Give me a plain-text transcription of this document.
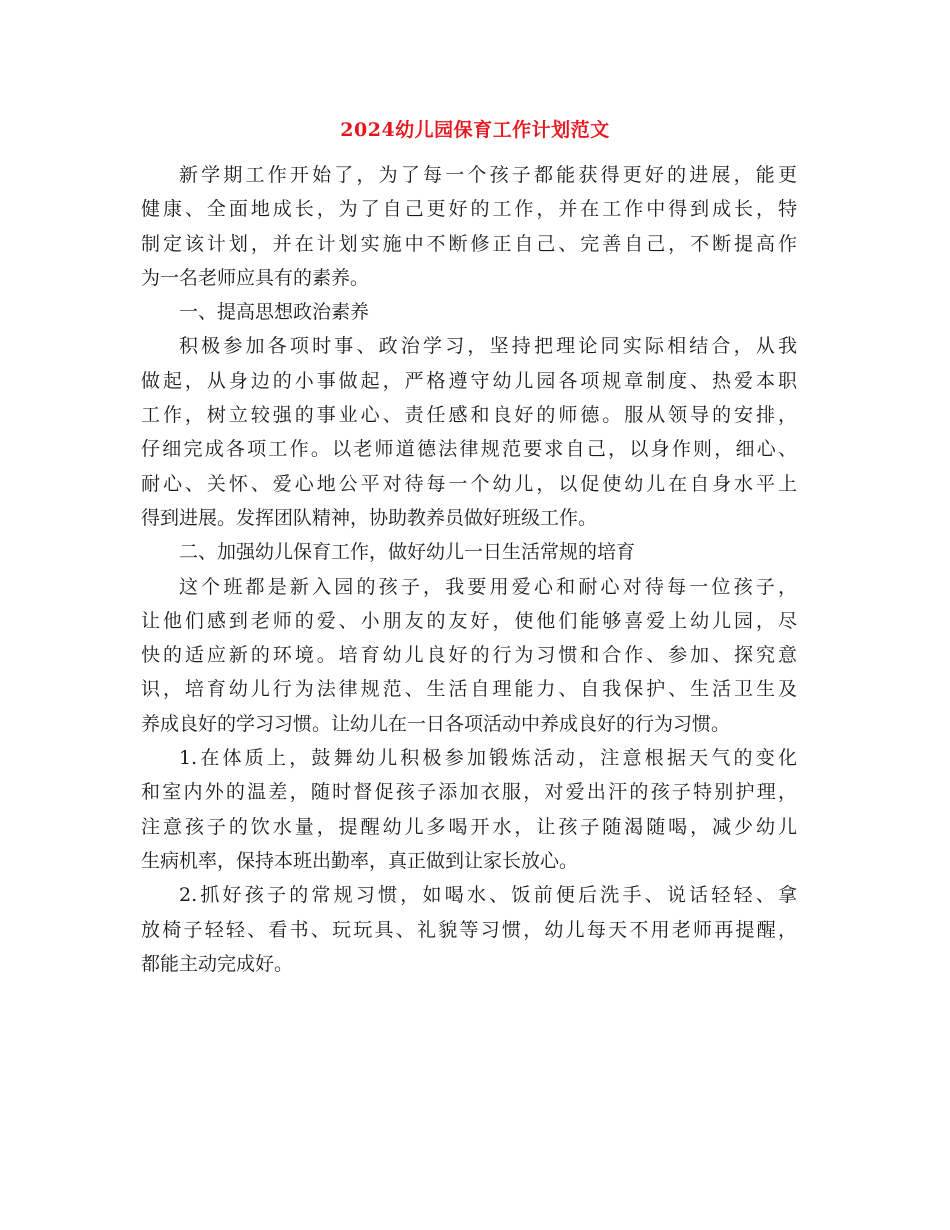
2024幼儿园保育工作计划范文

新学期工作开始了，为了每一个孩子都能获得更好的进展，能更
健康、全面地成长，为了自己更好的工作，并在工作中得到成长，特
制定该计划，并在计划实施中不断修正自己、完善自己，不断提高作
为一名老师应具有的素养。

一、提高思想政治素养

积极参加各项时事、政治学习，坚持把理论同实际相结合，从我
做起，从身边的小事做起，严格遵守幼儿园各项规章制度、热爱本职
工作，树立较强的事业心、责任感和良好的师德。服从领导的安排，
仔细完成各项工作。以老师道德法律规范要求自己，以身作则，细心、
耐心、关怀、爱心地公平对待每一个幼儿，以促使幼儿在自身水平上
得到进展。发挥团队精神，协助教养员做好班级工作。

二、加强幼儿保育工作，做好幼儿一日生活常规的培育

这个班都是新入园的孩子，我要用爱心和耐心对待每一位孩子，
让他们感到老师的爱、小朋友的友好，使他们能够喜爱上幼儿园，尽
快的适应新的环境。培育幼儿良好的行为习惯和合作、参加、探究意
识，培育幼儿行为法律规范、生活自理能力、自我保护、生活卫生及
养成良好的学习习惯。让幼儿在一日各项活动中养成良好的行为习惯。

1.在体质上，鼓舞幼儿积极参加锻炼活动，注意根据天气的变化
和室内外的温差，随时督促孩子添加衣服，对爱出汗的孩子特别护理，
注意孩子的饮水量，提醒幼儿多喝开水，让孩子随渴随喝，减少幼儿
生病机率，保持本班出勤率，真正做到让家长放心。

2.抓好孩子的常规习惯，如喝水、饭前便后洗手、说话轻轻、拿
放椅子轻轻、看书、玩玩具、礼貌等习惯，幼儿每天不用老师再提醒，
都能主动完成好。
